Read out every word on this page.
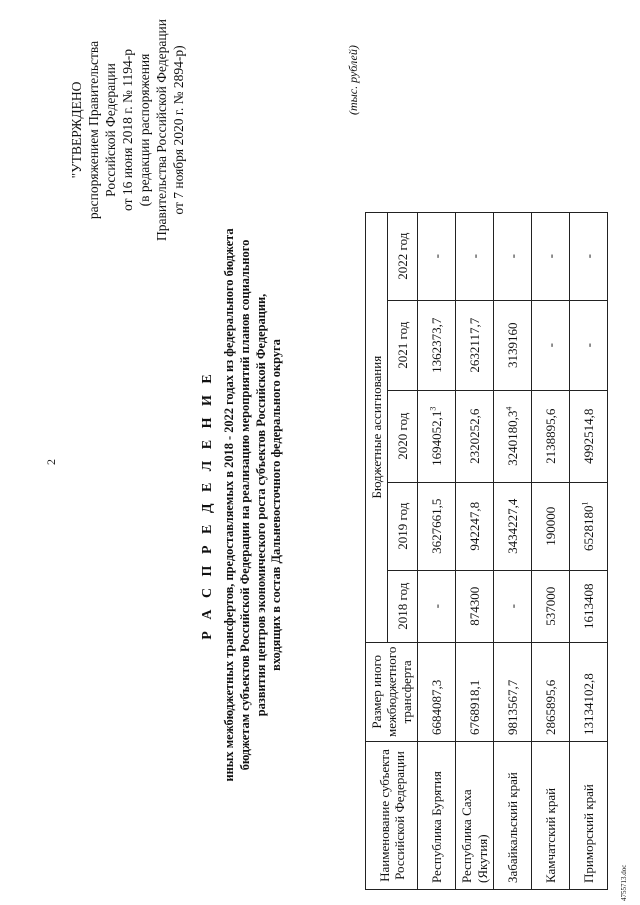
2
"УТВЕРЖДЕНО распоряжением Правительства Российской Федерации от 16 июня 2018 г. № 1194-р (в редакции распоряжения Правительства Российской Федерации от 7 ноября 2020 г. № 2894-р)
Р А С П Р Е Д Е Л Е Н И Е иных межбюджетных трансфертов, предоставляемых в 2018 - 2022 годах из федерального бюджета бюджетам субъектов Российской Федерации на реализацию мероприятий планов социального развития центров экономического роста субъектов Российской Федерации, входящих в состав Дальневосточного федерального округа
(тыс. рублей)
Наименование субъекта Российской Федерации	Размер иного межбюджетного трансферта	Бюджетные ассигнования				
		2018 год	2019 год	2020 год	2021 год	2022 год
Республика Бурятия	6684087,3	-	3627661,5	1694052,1$^3$	1362373,7	-
Республика Саха (Якутия)	6768918,1	874300	942247,8	2320252,6	2632117,7	-
Забайкальский край	9813567,7	-	3434227,4	3240180,3$^4$	3139160	-
Камчатский край	2865895,6	537000	190000	2138895,6	-	-
Приморский край	13134102,8	1613408	6528180$^1$	4992514,8	-	-
4755713.doc
